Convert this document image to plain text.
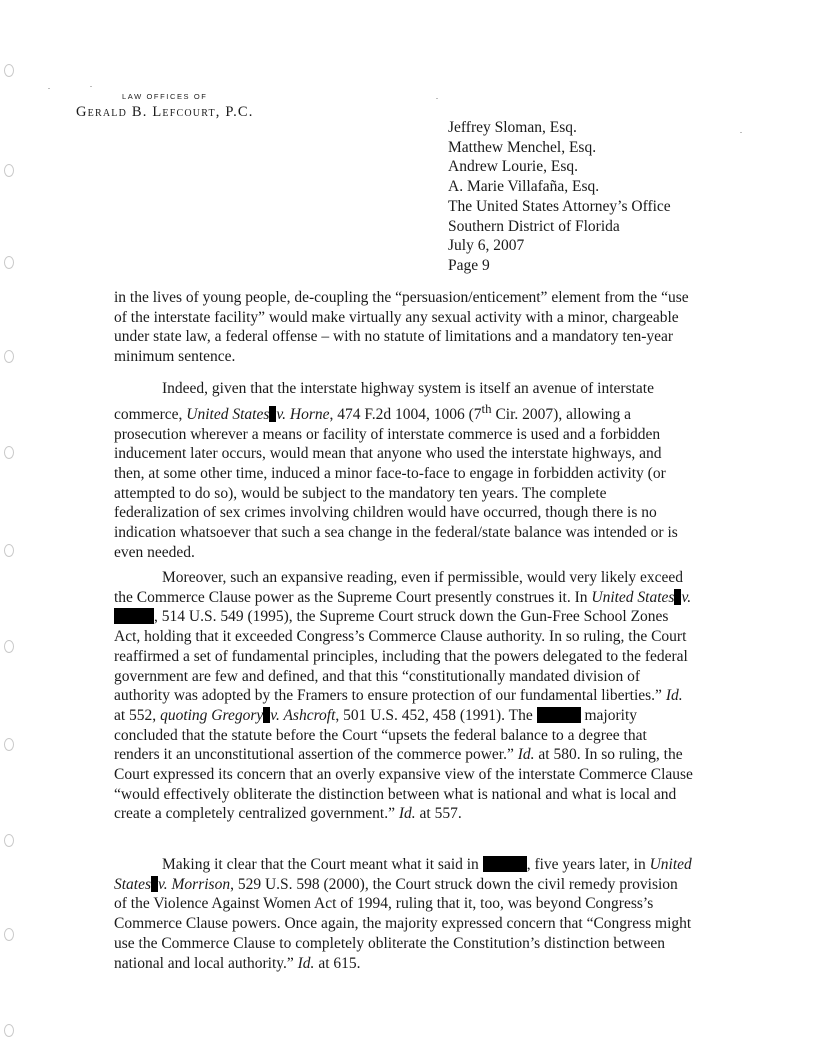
LAW OFFICES OF
Gerald B. Lefcourt, P.C.
Jeffrey Sloman, Esq.
Matthew Menchel, Esq.
Andrew Lourie, Esq.
A. Marie Villafaña, Esq.
The United States Attorney’s Office
Southern District of Florida
July 6, 2007
Page 9

in the lives of young people, de-coupling the “persuasion/enticement” element from the “use of the interstate facility” would make virtually any sexual activity with a minor, chargeable under state law, a federal offense – with no statute of limitations and a mandatory ten-year minimum sentence.

Indeed, given that the interstate highway system is itself an avenue of interstate commerce, United States v. Horne, 474 F.2d 1004, 1006 (7th Cir. 2007), allowing a prosecution wherever a means or facility of interstate commerce is used and a forbidden inducement later occurs, would mean that anyone who used the interstate highways, and then, at some other time, induced a minor face-to-face to engage in forbidden activity (or attempted to do so), would be subject to the mandatory ten years. The complete federalization of sex crimes involving children would have occurred, though there is no indication whatsoever that such a sea change in the federal/state balance was intended or is even needed.

Moreover, such an expansive reading, even if permissible, would very likely exceed the Commerce Clause power as the Supreme Court presently construes it. In United States v. , 514 U.S. 549 (1995), the Supreme Court struck down the Gun-Free School Zones Act, holding that it exceeded Congress’s Commerce Clause authority. In so ruling, the Court reaffirmed a set of fundamental principles, including that the powers delegated to the federal government are few and defined, and that this “constitutionally mandated division of authority was adopted by the Framers to ensure protection of our fundamental liberties.” Id. at 552, quoting Gregory v. Ashcroft, 501 U.S. 452, 458 (1991). The	majority concluded that the statute before the Court “upsets the federal balance to a degree that renders it an unconstitutional assertion of the commerce power.” Id. at 580. In so ruling, the Court expressed its concern that an overly expansive view of the interstate Commerce Clause “would effectively obliterate the distinction between what is national and what is local and create a completely centralized government.” Id. at 557.

Making it clear that the Court meant what it said in	, five years later, in United States v. Morrison, 529 U.S. 598 (2000), the Court struck down the civil remedy provision of the Violence Against Women Act of 1994, ruling that it, too, was beyond Congress’s Commerce Clause powers. Once again, the majority expressed concern that “Congress might use the Commerce Clause to completely obliterate the Constitution’s distinction between national and local authority.” Id. at 615.
